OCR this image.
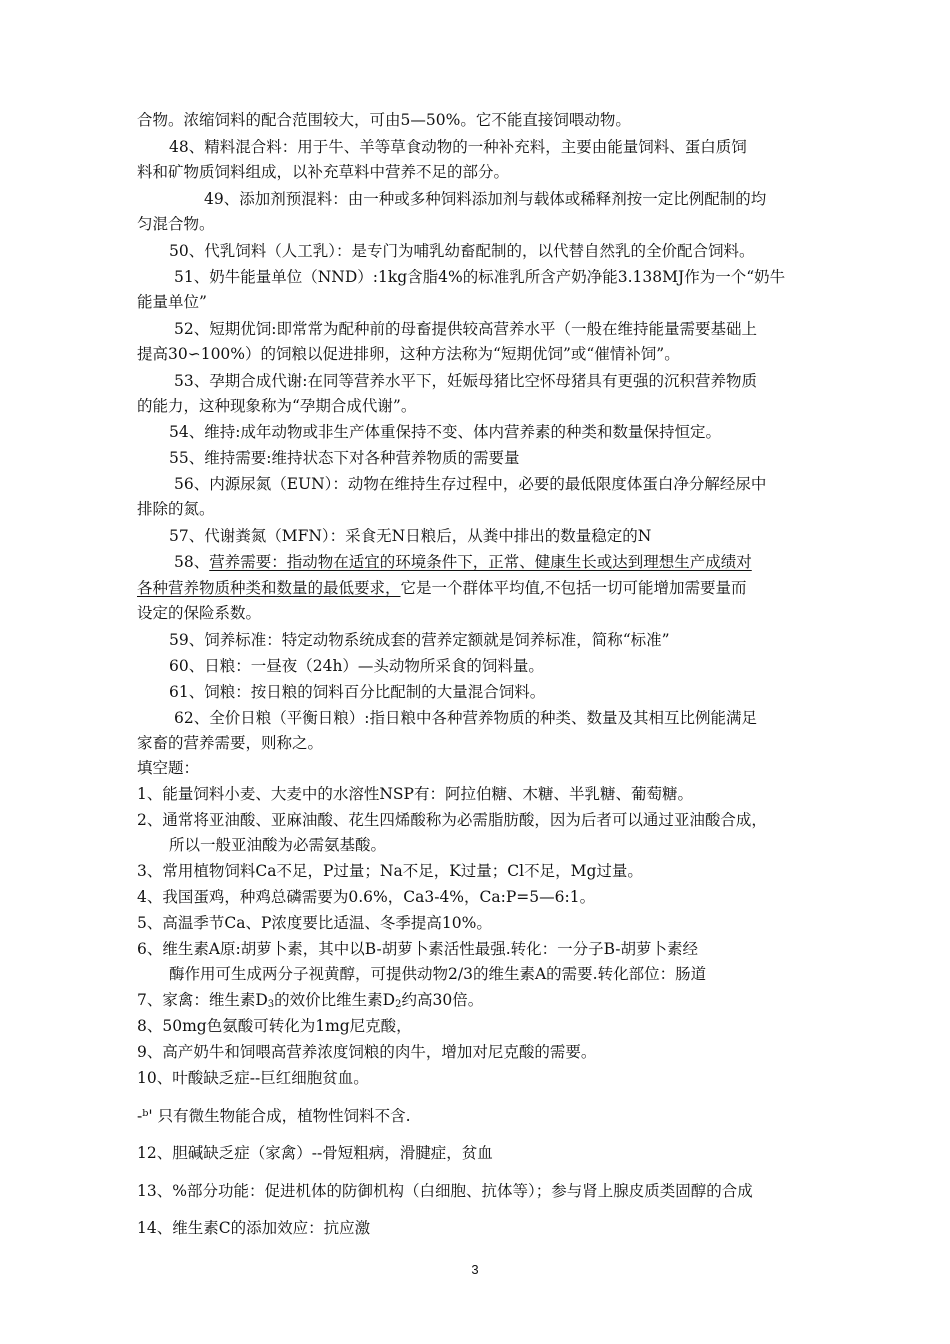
合物。浓缩饲料的配合范围较大，可由5—50%。它不能直接饲喂动物。
48、精料混合料：用于牛、羊等草食动物的一种补充料，主要由能量饲料、蛋白质饲
料和矿物质饲料组成，以补充草料中营养不足的部分。
49、添加剂预混料：由一种或多种饲料添加剂与载体或稀释剂按一定比例配制的均
匀混合物。
50、代乳饲料（人工乳）：是专门为哺乳幼畜配制的，以代替自然乳的全价配合饲料。
51、奶牛能量单位（NND）:1kg含脂4%的标准乳所含产奶净能3.138MJ作为一个“奶牛
能量单位”
52、短期优饲:即常常为配种前的母畜提供较高营养水平（一般在维持能量需要基础上
提高30∽100%）的饲粮以促进排卵，这种方法称为“短期优饲”或“催情补饲”。
53、孕期合成代谢:在同等营养水平下，妊娠母猪比空怀母猪具有更强的沉积营养物质
的能力，这种现象称为“孕期合成代谢”。
54、维持:成年动物或非生产体重保持不变、体内营养素的种类和数量保持恒定。
55、维持需要:维持状态下对各种营养物质的需要量
56、内源尿氮（EUN）：动物在维持生存过程中，必要的最低限度体蛋白净分解经尿中
排除的氮。
57、代谢粪氮（MFN）：采食无N日粮后，从粪中排出的数量稳定的N
58、营养需要：指动物在适宜的环境条件下，正常、健康生长或达到理想生产成绩对
各种营养物质种类和数量的最低要求，它是一个群体平均值,不包括一切可能增加需要量而
设定的保险系数。
59、饲养标准：特定动物系统成套的营养定额就是饲养标准，简称“标准”
60、日粮：一昼夜（24h）—头动物所采食的饲料量。
61、饲粮：按日粮的饲料百分比配制的大量混合饲料。
62、全价日粮（平衡日粮）:指日粮中各种营养物质的种类、数量及其相互比例能满足
家畜的营养需要，则称之。
填空题：
1、能量饲料小麦、大麦中的水溶性NSP有：阿拉伯糖、木糖、半乳糖、葡萄糖。
2、通常将亚油酸、亚麻油酸、花生四烯酸称为必需脂肪酸，因为后者可以通过亚油酸合成，
所以一般亚油酸为必需氨基酸。
3、常用植物饲料Ca不足，P过量；Na不足，K过量；Cl不足，Mg过量。
4、我国蛋鸡，种鸡总磷需要为0.6%，Ca3-4%，Ca:P=5—6:1。
5、高温季节Ca、P浓度要比适温、冬季提高10%。
6、维生素A原:胡萝卜素，其中以B-胡萝卜素活性最强.转化：一分子B-胡萝卜素经
酶作用可生成两分子视黄醇，可提供动物2/3的维生素A的需要.转化部位：肠道
7、家禽：维生素$D_3$的效价比维生素$D_2$约高30倍。
8、50mg色氨酸可转化为1mg尼克酸，
9、高产奶牛和饲喂高营养浓度饲粮的肉牛，增加对尼克酸的需要。
10、叶酸缺乏症--巨红细胞贫血。
-ᵇ' 只有微生物能合成，植物性饲料不含.
12、胆碱缺乏症（家禽）--骨短粗病，滑腱症，贫血
13、%部分功能：促进机体的防御机构（白细胞、抗体等）；参与肾上腺皮质类固醇的合成
14、维生素C的添加效应：抗应激
3
